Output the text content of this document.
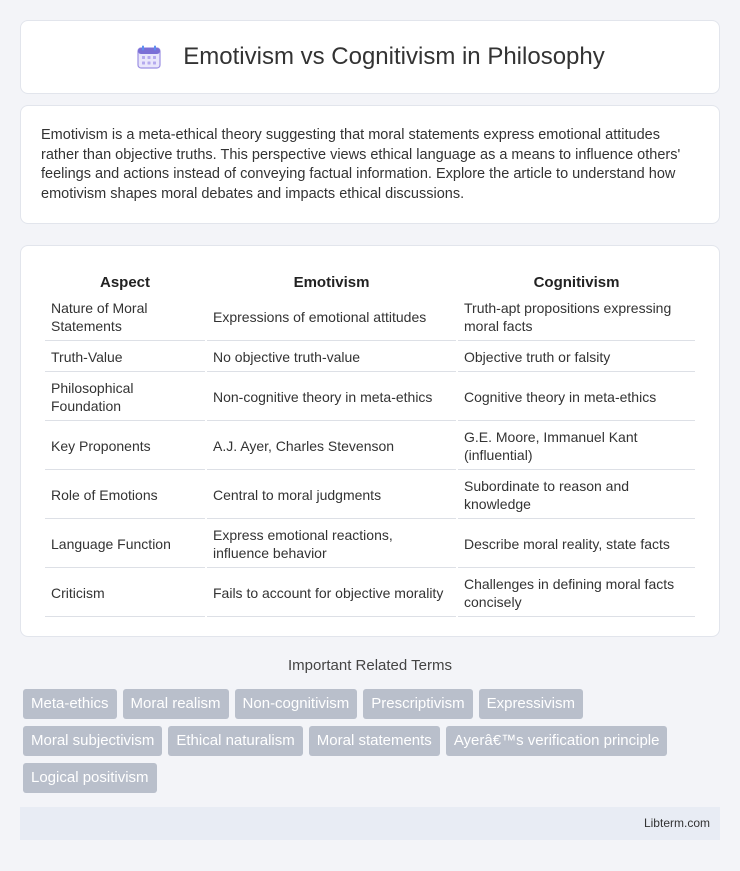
Emotivism vs Cognitivism in Philosophy

Emotivism is a meta-ethical theory suggesting that moral statements express emotional attitudes rather than objective truths. This perspective views ethical language as a means to influence others' feelings and actions instead of conveying factual information. Explore the article to understand how emotivism shapes moral debates and impacts ethical discussions.

Aspect	Emotivism	Cognitivism
Nature of Moral Statements	Expressions of emotional attitudes	Truth-apt propositions expressing moral facts
Truth-Value	No objective truth-value	Objective truth or falsity
Philosophical Foundation	Non-cognitive theory in meta-ethics	Cognitive theory in meta-ethics
Key Proponents	A.J. Ayer, Charles Stevenson	G.E. Moore, Immanuel Kant (influential)
Role of Emotions	Central to moral judgments	Subordinate to reason and knowledge
Language Function	Express emotional reactions, influence behavior	Describe moral reality, state facts
Criticism	Fails to account for objective morality	Challenges in defining moral facts concisely
Important Related Terms
Meta-ethics	Moral realism	Non-cognitivism	Prescriptivism	Expressivism
Moral subjectivism	Ethical naturalism	Moral statements	Ayerâ€™s verification principle
Logical positivism
Libterm.com
